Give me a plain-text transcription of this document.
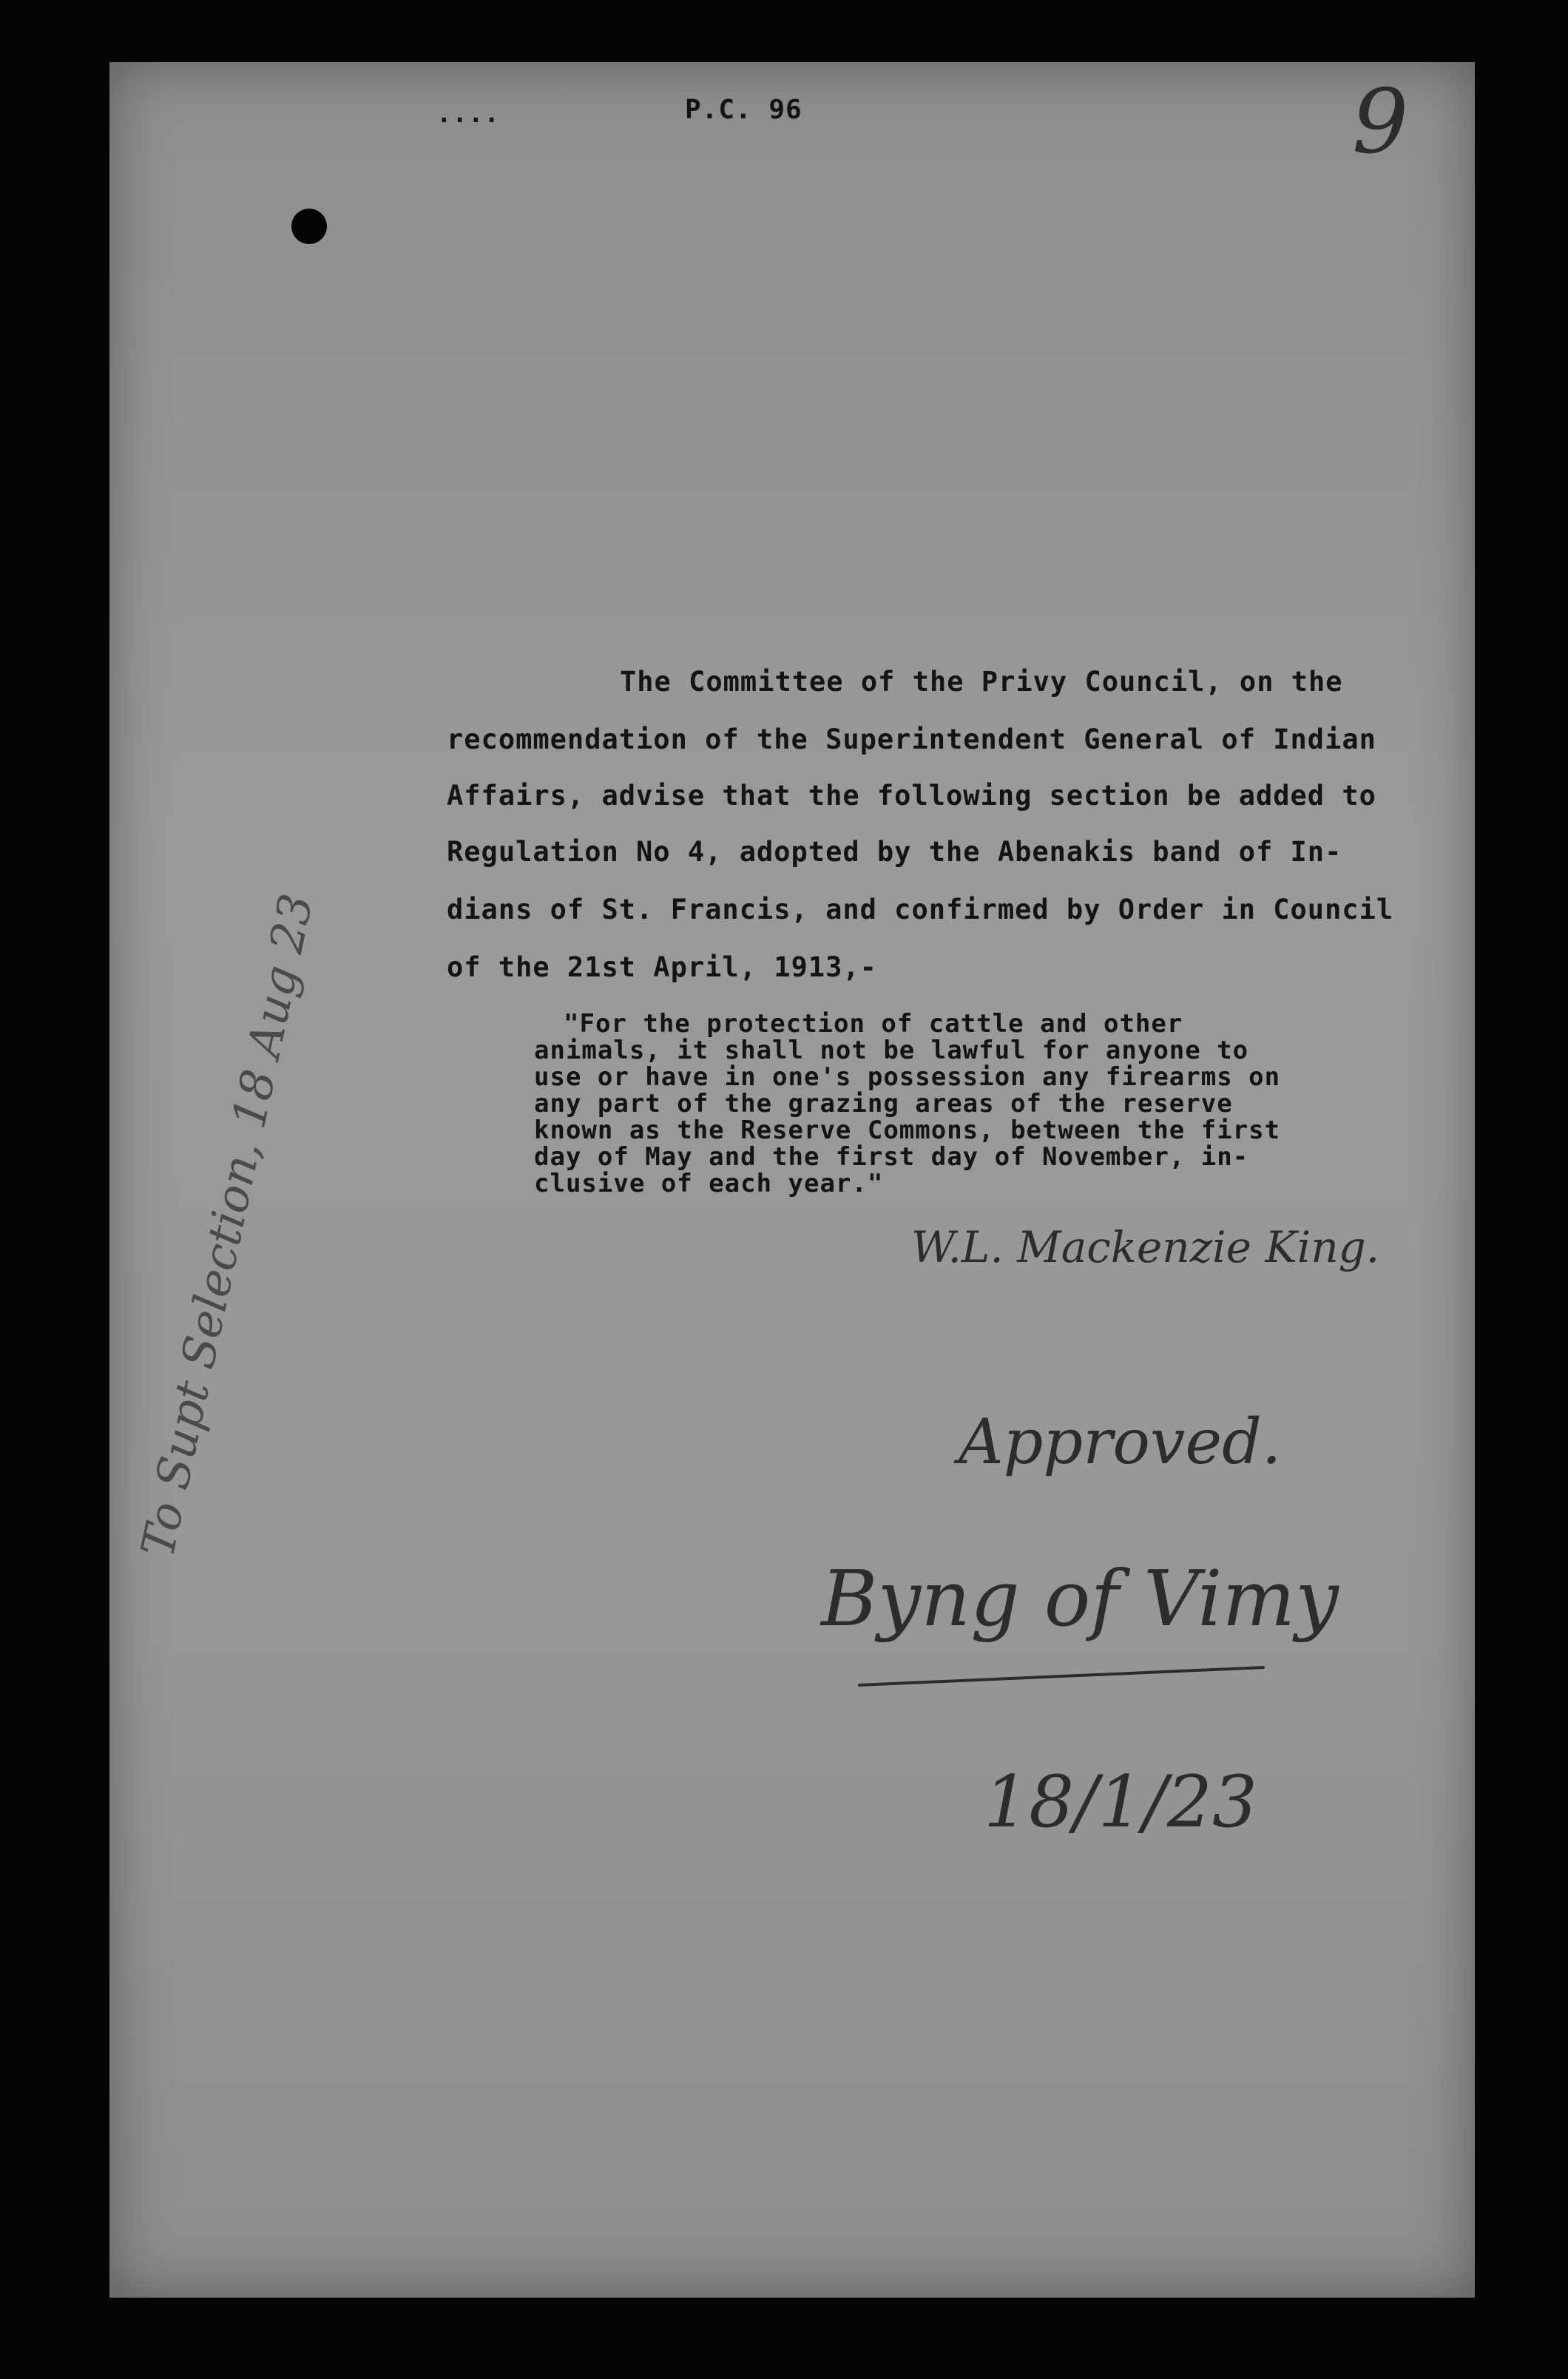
....	P.C. 96	9
The Committee of the Privy Council, on the
recommendation of the Superintendent General of Indian
Affairs, advise that the following section be added to
Regulation No 4, adopted by the Abenakis band of In-
dians of St. Francis, and confirmed by Order in Council
of the 21st April, 1913,-
"For the protection of cattle and other
animals, it shall not be lawful for anyone to
use or have in one's possession any firearms on
any part of the grazing areas of the reserve
known as the Reserve Commons, between the first
day of May and the first day of November, in-
clusive of each year."
W.L. Mackenzie King.
Approved.
Byng of Vimy
18/1/23
To Supt Selection, 18 Aug 23
